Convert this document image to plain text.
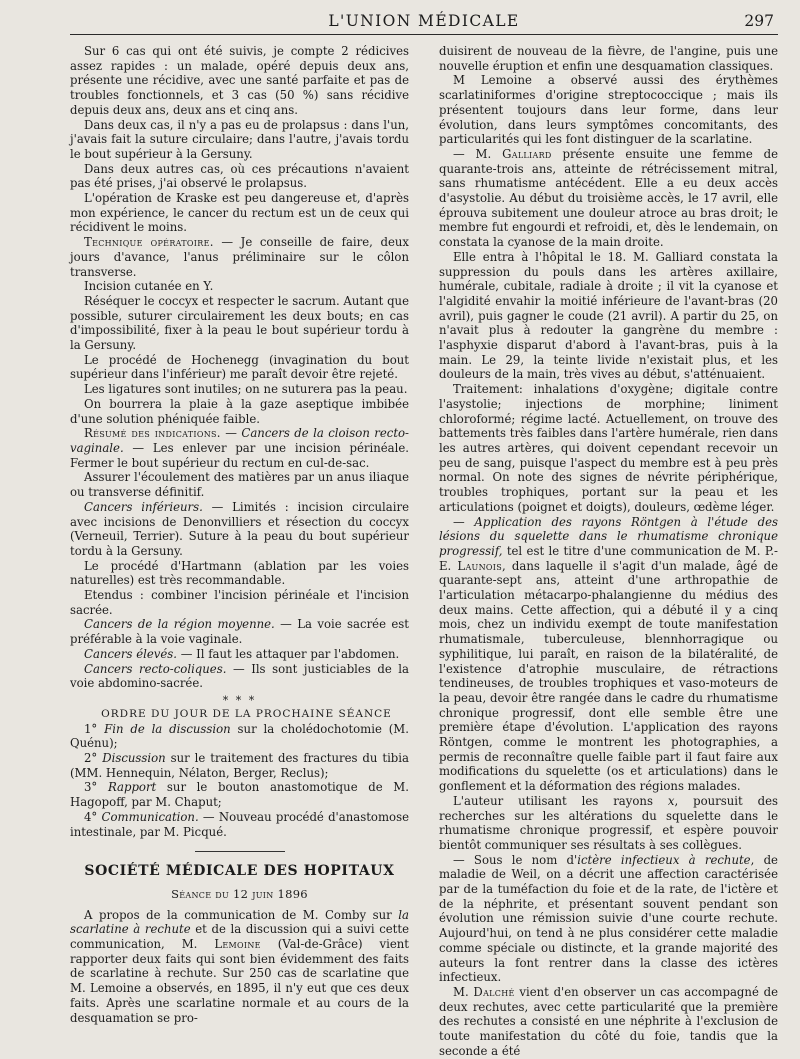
L'UNION MÉDICALE	297

Sur 6 cas qui ont été suivis, je compte 2 rédicives assez rapides : un malade, opéré depuis deux ans, présente une récidive, avec une santé parfaite et pas de troubles fonctionnels, et 3 cas (50 %) sans récidive depuis deux ans, deux ans et cinq ans.

Dans deux cas, il n'y a pas eu de prolapsus : dans l'un, j'avais fait la suture circulaire; dans l'autre, j'avais tordu le bout supérieur à la Gersuny.

Dans deux autres cas, où ces précautions n'avaient pas été prises, j'ai observé le prolapsus.

L'opération de Kraske est peu dangereuse et, d'après mon expérience, le cancer du rectum est un de ceux qui récidivent le moins.

Technique opératoire. — Je conseille de faire, deux jours d'avance, l'anus préliminaire sur le côlon transverse.

Incision cutanée en Y.

Réséquer le coccyx et respecter le sacrum. Autant que possible, suturer circulairement les deux bouts; en cas d'impossibilité, fixer à la peau le bout supérieur tordu à la Gersuny.

Le procédé de Hochenegg (invagination du bout supérieur dans l'inférieur) me paraît devoir être rejeté.

Les ligatures sont inutiles; on ne suturera pas la peau.

On bourrera la plaie à la gaze aseptique imbibée d'une solution phéniquée faible.

Résumé des indications. — Cancers de la cloison recto-vaginale. — Les enlever par une incision périnéale. Fermer le bout supérieur du rectum en cul-de-sac.

Assurer l'écoulement des matières par un anus iliaque ou transverse définitif.

Cancers inférieurs. — Limités : incision circulaire avec incisions de Denonvilliers et résection du coccyx (Verneuil, Terrier). Suture à la peau du bout supérieur tordu à la Gersuny.

Le procédé d'Hartmann (ablation par les voies naturelles) est très recommandable.

Etendus : combiner l'incision périnéale et l'incision sacrée.

Cancers de la région moyenne. — La voie sacrée est préférable à la voie vaginale.

Cancers élevés. — Il faut les attaquer par l'abdomen.

Cancers recto-coliques. — Ils sont justiciables de la voie abdomino-sacrée.

* * *

ORDRE DU JOUR DE LA PROCHAINE SÉANCE

1° Fin de la discussion sur la cholédochotomie (M. Quénu);

2° Discussion sur le traitement des fractures du tibia (MM. Hennequin, Nélaton, Berger, Reclus);

3° Rapport sur le bouton anastomotique de M. Hagopoff, par M. Chaput;

4° Communication. — Nouveau procédé d'anastomose intestinale, par M. Picqué.

SOCIÉTÉ MÉDICALE DES HOPITAUX
Séance du 12 juin 1896

A propos de la communication de M. Comby sur la scarlatine à rechute et de la discussion qui a suivi cette communication, M. Lemoine (Val-de-Grâce) vient rapporter deux faits qui sont bien évidemment des faits de scarlatine à rechute. Sur 250 cas de scarlatine que M. Lemoine a observés, en 1895, il n'y eut que ces deux faits. Après une scarlatine normale et au cours de la desquamation se pro-

duisirent de nouveau de la fièvre, de l'angine, puis une nouvelle éruption et enfin une desquamation classiques.

M Lemoine a observé aussi des érythèmes scarlatiniformes d'origine streptococcique ; mais ils présentent toujours dans leur forme, dans leur évolution, dans leurs symptômes concomitants, des particularités qui les font distinguer de la scarlatine.

— M. Galliard présente ensuite une femme de quarante-trois ans, atteinte de rétrécissement mitral, sans rhumatisme antécédent. Elle a eu deux accès d'asystolie. Au début du troisième accès, le 17 avril, elle éprouva subitement une douleur atroce au bras droit; le membre fut engourdi et refroidi, et, dès le lendemain, on constata la cyanose de la main droite.

Elle entra à l'hôpital le 18. M. Galliard constata la suppression du pouls dans les artères axillaire, humérale, cubitale, radiale à droite ; il vit la cyanose et l'algidité envahir la moitié inférieure de l'avant-bras (20 avril), puis gagner le coude (21 avril). A partir du 25, on n'avait plus à redouter la gangrène du membre : l'asphyxie disparut d'abord à l'avant-bras, puis à la main. Le 29, la teinte livide n'existait plus, et les douleurs de la main, très vives au début, s'atténuaient.

Traitement: inhalations d'oxygène; digitale contre l'asystolie; injections de morphine; liniment chloroformé; régime lacté. Actuellement, on trouve des battements très faibles dans l'artère humérale, rien dans les autres artères, qui doivent cependant recevoir un peu de sang, puisque l'aspect du membre est à peu près normal. On note des signes de névrite périphérique, troubles trophiques, portant sur la peau et les articulations (poignet et doigts), douleurs, œdème léger.

— Application des rayons Röntgen à l'étude des lésions du squelette dans le rhumatisme chronique progressif, tel est le titre d'une communication de M. P.-E. Launois, dans laquelle il s'agit d'un malade, âgé de quarante-sept ans, atteint d'une arthropathie de l'articulation métacarpo-phalangienne du médius des deux mains. Cette affection, qui a débuté il y a cinq mois, chez un individu exempt de toute manifestation rhumatismale, tuberculeuse, blennhorragique ou syphilitique, lui paraît, en raison de la bilatéralité, de l'existence d'atrophie musculaire, de rétractions tendineuses, de troubles trophiques et vaso-moteurs de la peau, devoir être rangée dans le cadre du rhumatisme chronique progressif, dont elle semble être une première étape d'évolution. L'application des rayons Röntgen, comme le montrent les photographies, a permis de reconnaître quelle faible part il faut faire aux modifications du squelette (os et articulations) dans le gonflement et la déformation des régions malades.

L'auteur utilisant les rayons x, poursuit des recherches sur les altérations du squelette dans le rhumatisme chronique progressif, et espère pouvoir bientôt communiquer ses résultats à ses collègues.

— Sous le nom d'ictère infectieux à rechute, de maladie de Weil, on a décrit une affection caractérisée par de la tuméfaction du foie et de la rate, de l'ictère et de la néphrite, et présentant souvent pendant son évolution une rémission suivie d'une courte rechute. Aujourd'hui, on tend à ne plus considérer cette maladie comme spéciale ou distincte, et la grande majorité des auteurs la font rentrer dans la classe des ictères infectieux.

M. Dalché vient d'en observer un cas accompagné de deux rechutes, avec cette particularité que la première des rechutes a consisté en une néphrite à l'exclusion de toute manifestation du côté du foie, tandis que la seconde a été
